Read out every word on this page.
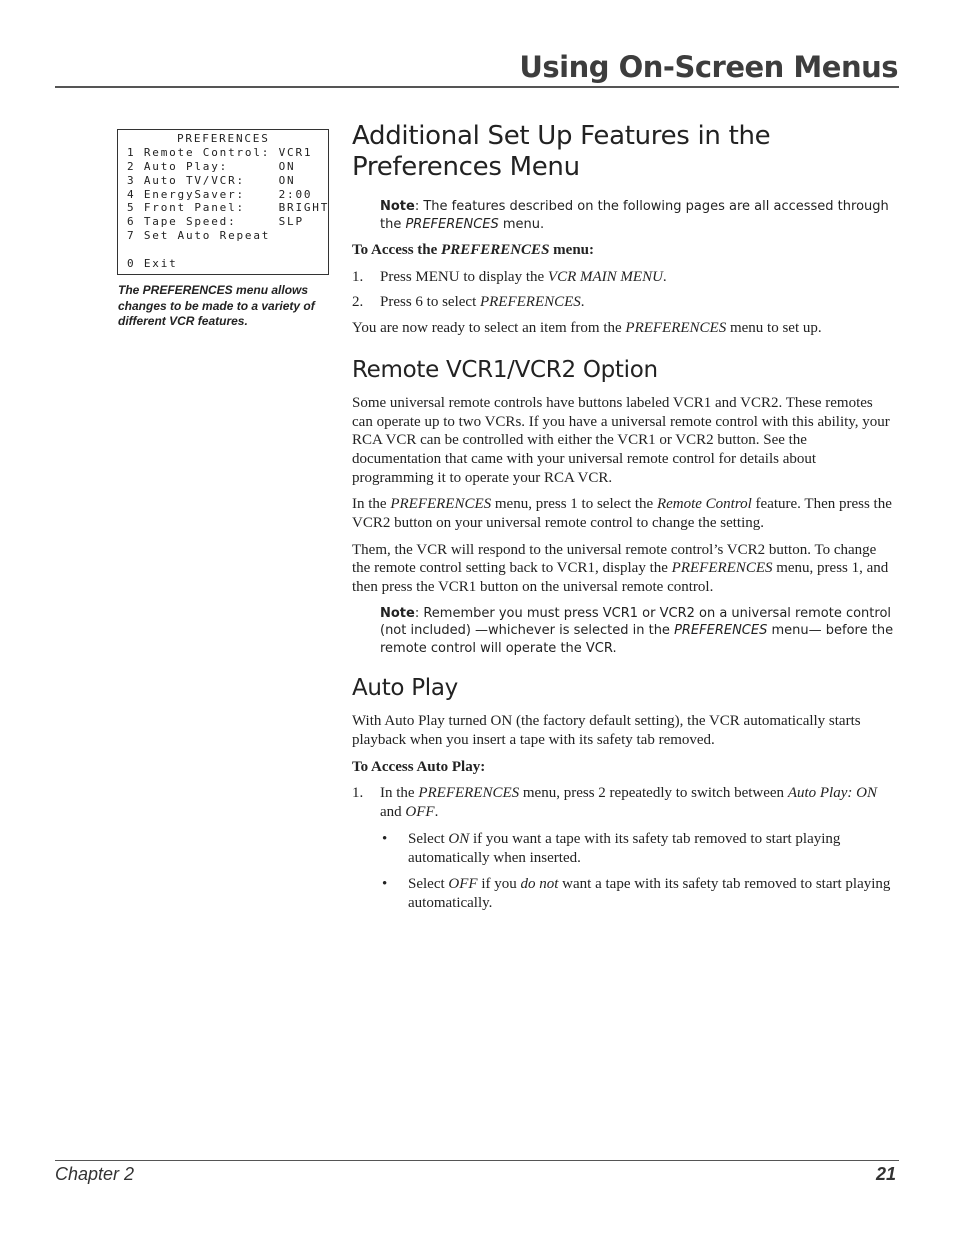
Using On-Screen Menus
PREFERENCES
1 Remote Control: VCR1
2 Auto Play:      ON
3 Auto TV/VCR:    ON
4 EnergySaver:    2:00
5 Front Panel:    BRIGHT
6 Tape Speed:     SLP
7 Set Auto Repeat
0 Exit

The PREFERENCES menu allows changes to be made to a variety of different VCR features.

Additional Set Up Features in the Preferences Menu

Note: The features described on the following pages are all accessed through the PREFERENCES menu.

To Access the PREFERENCES menu:

1. Press MENU to display the VCR MAIN MENU.

2. Press 6 to select PREFERENCES.

You are now ready to select an item from the PREFERENCES menu to set up.

Remote VCR1/VCR2 Option

Some universal remote controls have buttons labeled VCR1 and VCR2. These remotes can operate up to two VCRs. If you have a universal remote control with this ability, your RCA VCR can be controlled with either the VCR1 or VCR2 button. See the documentation that came with your universal remote control for details about programming it to operate your RCA VCR.

In the PREFERENCES menu, press 1 to select the Remote Control feature. Then press the VCR2 button on your universal remote control to change the setting.

Them, the VCR will respond to the universal remote control’s VCR2 button. To change the remote control setting back to VCR1, display the PREFERENCES menu, press 1, and then press the VCR1 button on the universal remote control.

Note: Remember you must press VCR1 or VCR2 on a universal remote control (not included) —whichever is selected in the PREFERENCES menu— before the remote control will operate the VCR.

Auto Play

With Auto Play turned ON (the factory default setting), the VCR automatically starts playback when you insert a tape with its safety tab removed.

To Access Auto Play:

1. In the PREFERENCES menu, press 2 repeatedly to switch between Auto Play: ON and OFF.

• Select ON if you want a tape with its safety tab removed to start playing automatically when inserted.

• Select OFF if you do not want a tape with its safety tab removed to start playing automatically.

Chapter 2	21
